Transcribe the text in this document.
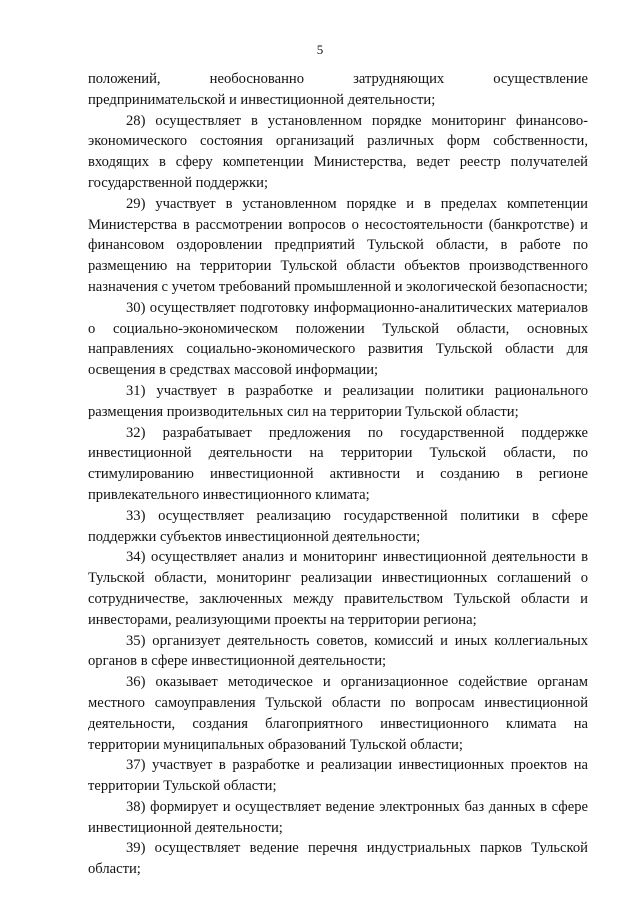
5

положений, необоснованно затрудняющих осуществление предпринимательской и инвестиционной деятельности;

28) осуществляет в установленном порядке мониторинг финансово-экономического состояния организаций различных форм собственности, входящих в сферу компетенции Министерства, ведет реестр получателей государственной поддержки;

29) участвует в установленном порядке и в пределах компетенции Министерства в рассмотрении вопросов о несостоятельности (банкротстве) и финансовом оздоровлении предприятий Тульской области, в работе по размещению на территории Тульской области объектов производственного назначения с учетом требований промышленной и экологической безопасности;

30) осуществляет подготовку информационно-аналитических материалов о социально-экономическом положении Тульской области, основных направлениях социально-экономического развития Тульской области для освещения в средствах массовой информации;

31) участвует в разработке и реализации политики рационального размещения производительных сил на территории Тульской области;

32) разрабатывает предложения по государственной поддержке инвестиционной деятельности на территории Тульской области, по стимулированию инвестиционной активности и созданию в регионе привлекательного инвестиционного климата;

33) осуществляет реализацию государственной политики в сфере поддержки субъектов инвестиционной деятельности;

34) осуществляет анализ и мониторинг инвестиционной деятельности в Тульской области, мониторинг реализации инвестиционных соглашений о сотрудничестве, заключенных между правительством Тульской области и инвесторами, реализующими проекты на территории региона;

35) организует деятельность советов, комиссий и иных коллегиальных органов в сфере инвестиционной деятельности;

36) оказывает методическое и организационное содействие органам местного самоуправления Тульской области по вопросам инвестиционной деятельности, создания благоприятного инвестиционного климата на территории муниципальных образований Тульской области;

37) участвует в разработке и реализации инвестиционных проектов на территории Тульской области;

38) формирует и осуществляет ведение электронных баз данных в сфере инвестиционной деятельности;

39) осуществляет ведение перечня индустриальных парков Тульской области;
